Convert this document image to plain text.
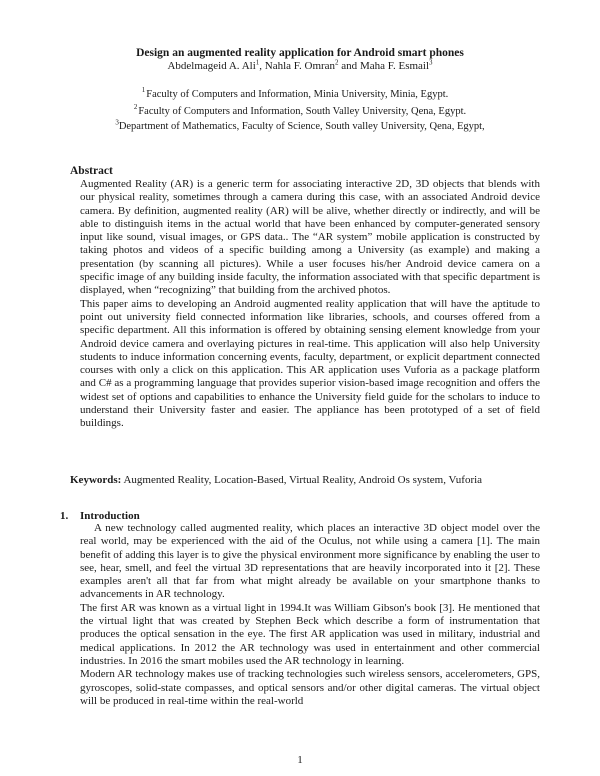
Design an augmented reality application for Android smart phones
Abdelmageid A. Ali$^1$, Nahla F. Omran$^2$ and Maha F. Esmail$^3$
$^1$Faculty of Computers and Information, Minia University, Minia, Egypt.
$^2$Faculty of Computers and Information, South Valley University, Qena, Egypt.
$^3$Department of Mathematics, Faculty of Science, South valley University, Qena, Egypt,
Abstract

Augmented Reality (AR) is a generic term for associating interactive 2D, 3D objects that blends with our physical reality, sometimes through a camera during this case, with an associated Android device camera. By definition, augmented reality (AR) will be alive, whether directly or indirectly, and will be able to distinguish items in the actual world that have been enhanced by computer-generated sensory input like sound, visual images, or GPS data.. The “AR system” mobile application is constructed by taking photos and videos of a specific building among a University (as example) and making a presentation (by scanning all pictures). While a user focuses his/her Android device camera on a specific image of any building inside faculty, the information associated with that specific department is displayed, when “recognizing” that building from the archived photos.

This paper aims to developing an Android augmented reality application that will have the aptitude to point out university field connected information like libraries, schools, and courses offered from a specific department. All this information is offered by obtaining sensing element knowledge from your Android device camera and overlaying pictures in real-time. This application will also help University students to induce information concerning events, faculty, department, or explicit department connected courses with only a click on this application. This AR application uses Vuforia as a package platform and C# as a programming language that provides superior vision-based image recognition and offers the widest set of options and capabilities to enhance the University field guide for the scholars to induce to understand their University faster and easier. The appliance has been prototyped of a set of field buildings.

Keywords: Augmented Reality, Location-Based, Virtual Reality, Android Os system, Vuforia
1. Introduction

A new technology called augmented reality, which places an interactive 3D object model over the real world, may be experienced with the aid of the Oculus, not while using a camera [1]. The main benefit of adding this layer is to give the physical environment more significance by enabling the user to see, hear, smell, and feel the virtual 3D representations that are heavily incorporated into it [2]. These examples aren't all that far from what might already be available on your smartphone thanks to advancements in AR technology.

The first AR was known as a virtual light in 1994.It was William Gibson's book [3]. He mentioned that the virtual light that was created by Stephen Beck which describe a form of instrumentation that produces the optical sensation in the eye. The first AR application was used in military, industrial and medical applications. In 2012 the AR technology was used in entertainment and other commercial industries. In 2016 the smart mobiles used the AR technology in learning.

Modern AR technology makes use of tracking technologies such wireless sensors, accelerometers, GPS, gyroscopes, solid-state compasses, and optical sensors and/or other digital cameras. The virtual object will be produced in real-time within the real-world

1
